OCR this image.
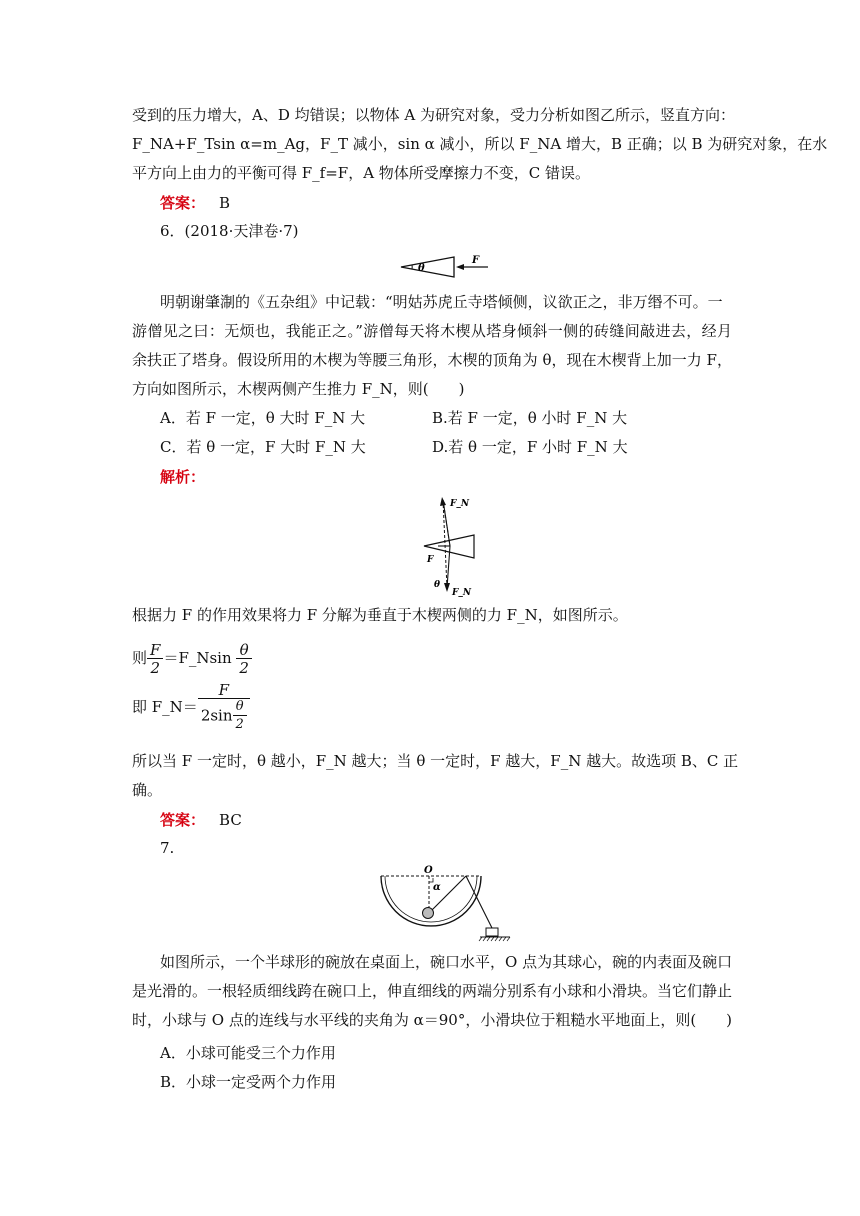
受到的压力增大，A、D 均错误；以物体 A 为研究对象，受力分析如图乙所示，竖直方向：
F_NA+F_Tsin α=m_Ag，F_T 减小，sin α 减小，所以 F_NA 增大，B 正确；以 B 为研究对象，在水
平方向上由力的平衡可得 F_f=F，A 物体所受摩擦力不变，C 错误。
答案： B
6．(2018·天津卷·7)
θ
F
明朝谢肇淛的《五杂组》中记载：“明姑苏虎丘寺塔倾侧，议欲正之，非万缗不可。一
游僧见之曰：无烦也，我能正之。”游僧每天将木楔从塔身倾斜一侧的砖缝间敲进去，经月
余扶正了塔身。假设所用的木楔为等腰三角形，木楔的顶角为 θ，现在木楔背上加一力 F，
方向如图所示，木楔两侧产生推力 F_N，则(　　)
A．若 F 一定，θ 大时 F_N 大	B.若 F 一定，θ 小时 F_N 大
C．若 θ 一定，F 大时 F_N 大	D.若 θ 一定，F 小时 F_N 大
解析：
F_N
F
θ
F_N
根据力 F 的作用效果将力 F 分解为垂直于木楔两侧的力 F_N，如图所示。
则 $\frac{F}{2}$ ＝F_Nsin $\frac{\theta}{2}$
即 F_N＝ $\frac{F}{2\sin \frac{\theta}{2}}$
所以当 F 一定时，θ 越小，F_N 越大；当 θ 一定时，F 越大，F_N 越大。故选项 B、C 正
确。
答案： BC
7.
O
α
如图所示，一个半球形的碗放在桌面上，碗口水平，O 点为其球心，碗的内表面及碗口
是光滑的。一根轻质细线跨在碗口上，伸直细线的两端分别系有小球和小滑块。当它们静止
时，小球与 O 点的连线与水平线的夹角为 α＝90°，小滑块位于粗糙水平地面上，则(　　)
A．小球可能受三个力作用
B．小球一定受两个力作用
